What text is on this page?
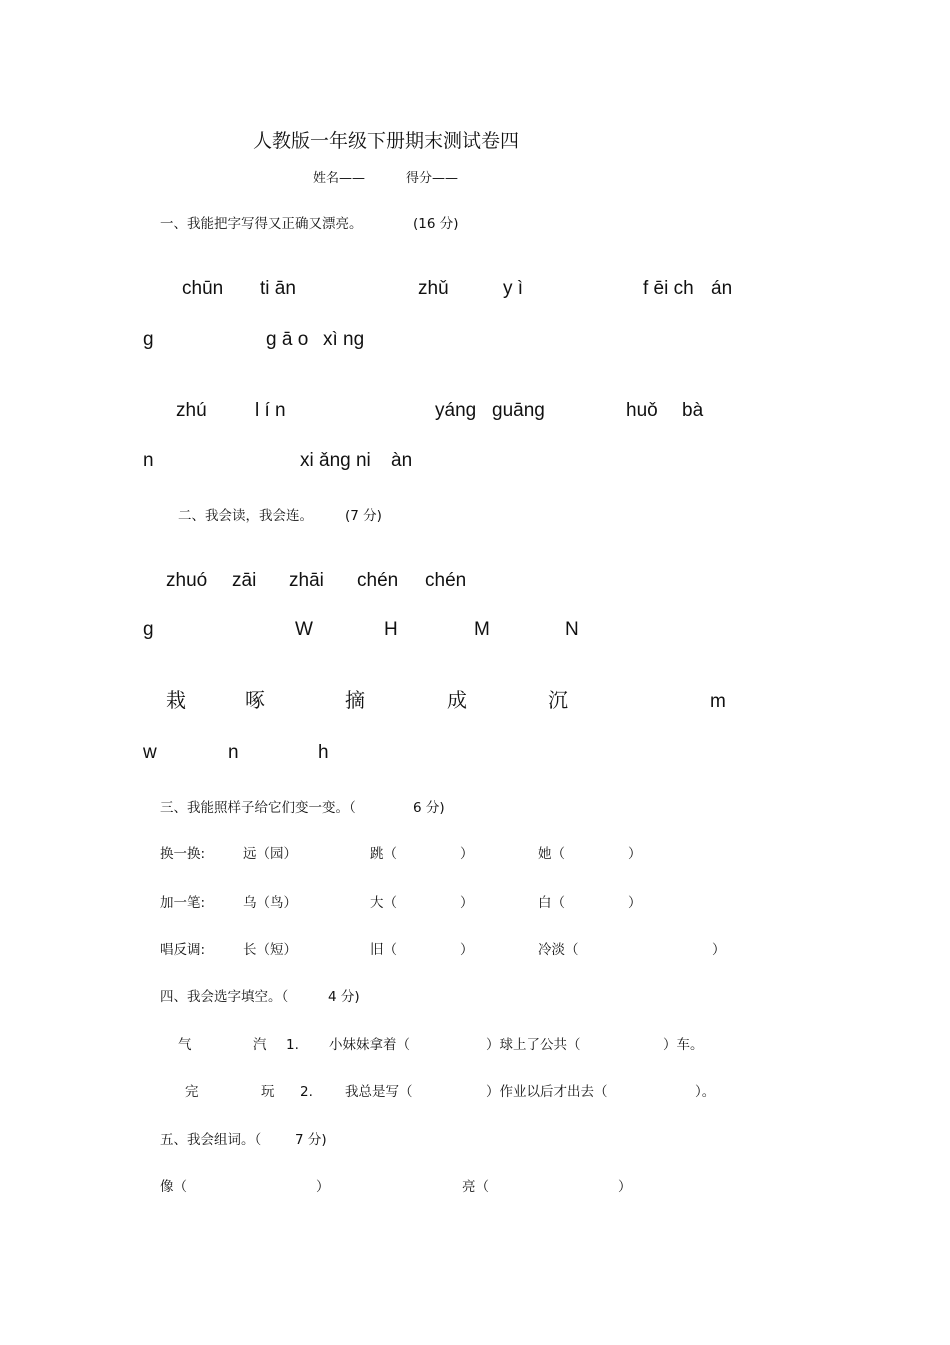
人教版一年级下册期末测试卷四
姓名——	得分——
一、我能把字写得又正确又漂亮。	(16 分)
chūn ti ān	zhǔ	y ì	f ēi ch án
g	g ā o xì ng
zhú	l í n	yáng guāng	huǒ bà
n	xi ǎng ni àn
二、我会读，我会连。 (7 分)
zhuó zāi zhāi chén chén
g	W	H	M	N
栽	啄	摘	成	沉	m
w	n	h
三、我能照样子给它们变一变。（	6 分)
换一换:	远（园）	跳（	）	她（	）
加一笔:	乌（鸟）	大（	）	白（	）
唱反调:	长（短）	旧（	）	冷淡（	）
四、我会选字填空。（	4 分)
气	汽 1. 小妹妹拿着（	）球上了公共（	）车。
完	玩 2. 我总是写（	）作业以后才出去（	）。
五、我会组词。（	7 分)
像（	）	亮（	）
